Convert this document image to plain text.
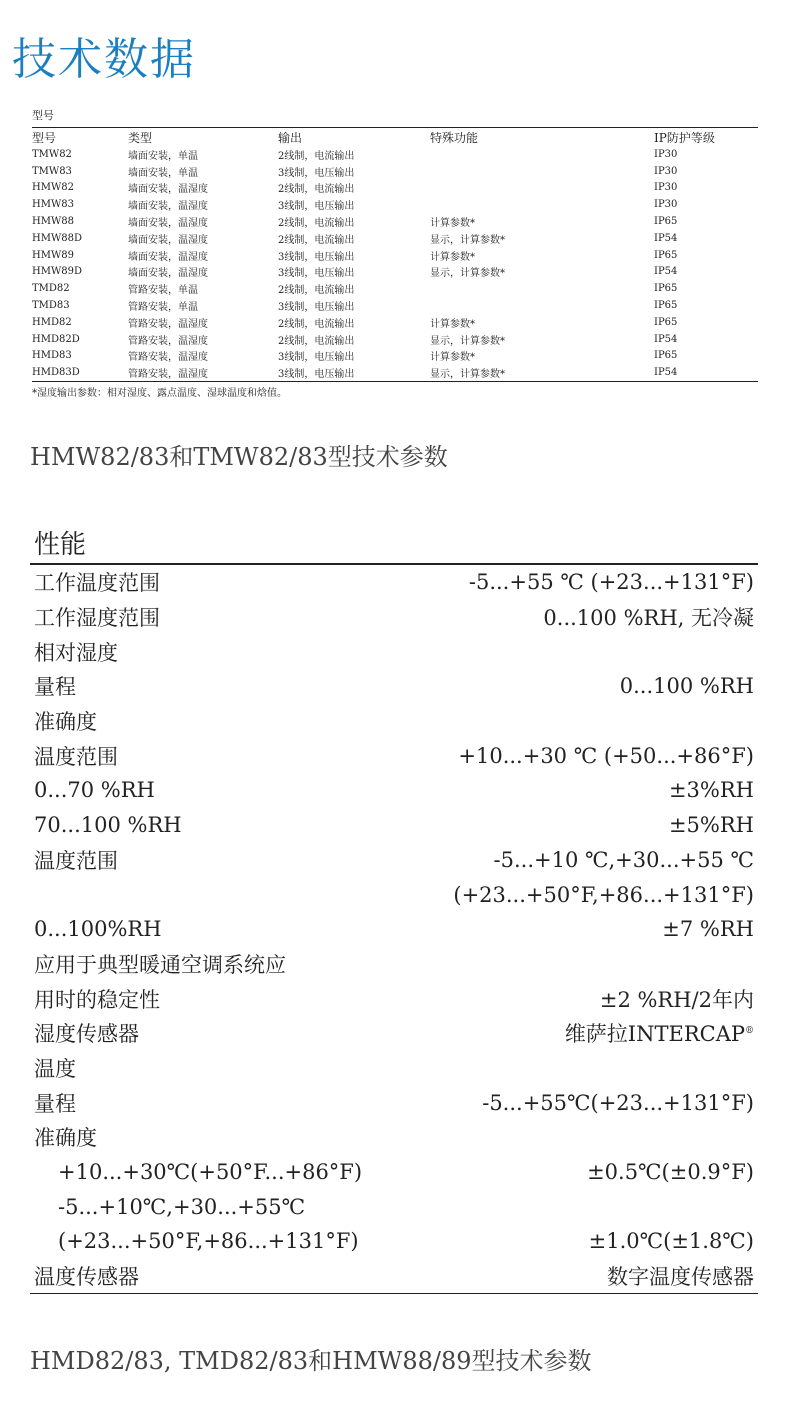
技术数据
型号
型号	类型	输出	特殊功能	IP防护等级
TMW82	墙面安装，单温	2线制，电流输出		IP30
TMW83	墙面安装，单温	3线制，电压输出		IP30
HMW82	墙面安装，温湿度	2线制，电流输出		IP30
HMW83	墙面安装，温湿度	3线制，电压输出		IP30
HMW88	墙面安装，温湿度	2线制，电流输出	计算参数*	IP65
HMW88D	墙面安装，温湿度	2线制，电流输出	显示，计算参数*	IP54
HMW89	墙面安装，温湿度	3线制，电压输出	计算参数*	IP65
HMW89D	墙面安装，温湿度	3线制，电压输出	显示，计算参数*	IP54
TMD82	管路安装，单温	2线制，电流输出		IP65
TMD83	管路安装，单温	3线制，电压输出		IP65
HMD82	管路安装，温湿度	2线制，电流输出	计算参数*	IP65
HMD82D	管路安装，温湿度	2线制，电流输出	显示，计算参数*	IP54
HMD83	管路安装，温湿度	3线制，电压输出	计算参数*	IP65
HMD83D	管路安装，温湿度	3线制，电压输出	显示，计算参数*	IP54
*湿度输出参数：相对湿度、露点温度、湿球温度和焓值。
HMW82/83和TMW82/83型技术参数
性能
工作温度范围	-5...+55 ℃ (+23...+131°F)
工作湿度范围	0...100 %RH, 无冷凝
相对湿度
量程	0...100 %RH
准确度
温度范围	+10...+30 ℃ (+50...+86°F)
0...70 %RH	±3%RH
70...100 %RH	±5%RH
温度范围	-5...+10 ℃,+30...+55 ℃
(+23...+50°F,+86...+131°F)
0...100%RH	±7 %RH
应用于典型暖通空调系统应
用时的稳定性	±2 %RH/2年内
湿度传感器	维萨拉INTERCAP®
温度
量程	-5...+55℃(+23...+131°F)
准确度
+10...+30℃(+50°F...+86°F)	±0.5℃(±0.9°F)
-5...+10℃,+30...+55℃
(+23...+50°F,+86...+131°F)	±1.0℃(±1.8℃)
温度传感器	数字温度传感器
HMD82/83, TMD82/83和HMW88/89型技术参数
